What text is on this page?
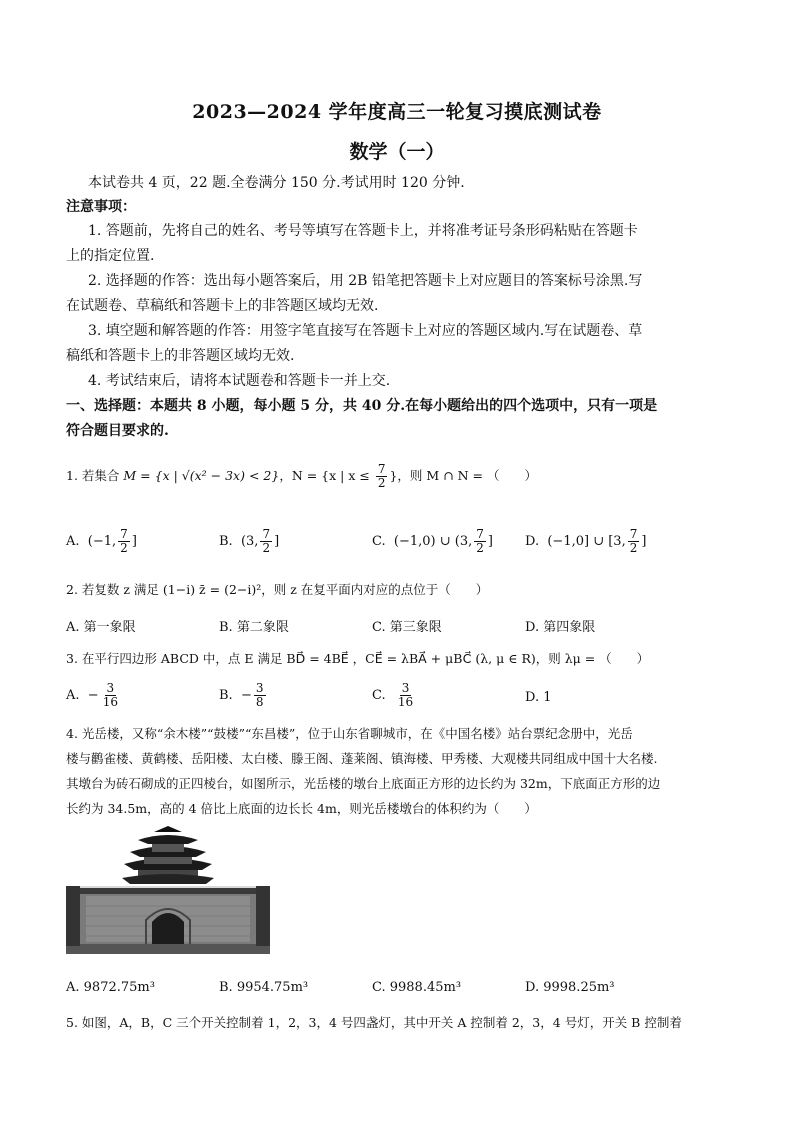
2023—2024 学年度高三一轮复习摸底测试卷
数学（一）
本试卷共 4 页，22 题.全卷满分 150 分.考试用时 120 分钟.
注意事项：
1. 答题前，先将自己的姓名、考号等填写在答题卡上，并将准考证号条形码粘贴在答题卡
上的指定位置.
2. 选择题的作答：选出每小题答案后，用 2B 铅笔把答题卡上对应题目的答案标号涂黑.写
在试题卷、草稿纸和答题卡上的非答题区域均无效.
3. 填空题和解答题的作答：用签字笔直接写在答题卡上对应的答题区域内.写在试题卷、草
稿纸和答题卡上的非答题区域均无效.
4. 考试结束后，请将本试题卷和答题卡一并上交.
一、选择题：本题共 8 小题，每小题 5 分，共 40 分.在每小题给出的四个选项中，只有一项是
符合题目要求的.
1. 若集合 M = {x | √(x² − 3x) < 2}，N = {x | $x \le \frac{7}{2}$ }，则 M ∩ N = （　　）
A. (−1, $\frac{7}{2}$ ]	B. (3, $\frac{7}{2}$ ]	C. (−1,0) ∪ (3, $\frac{7}{2}$ ] D. (−1,0] ∪ [3, $\frac{7}{2}$ ]
2. 若复数 z 满足 (1−i) z̄ = (2−i)²，则 z 在复平面内对应的点位于（　　）
A. 第一象限	B. 第二象限	C. 第三象限	D. 第四象限
3. 在平行四边形 ABCD 中，点 E 满足 BD⃗ = 4BE⃗ ，CE⃗ = λBA⃗ + μBC⃗ (λ, μ ∈ R)，则 λμ = （　　）
A. − $\frac{3}{16}$	B. − $\frac{3}{8}$	C. $\frac{3}{16}$	D. 1
4. 光岳楼，又称“余木楼”“鼓楼”“东昌楼”，位于山东省聊城市，在《中国名楼》站台票纪念册中，光岳
楼与鹳雀楼、黄鹤楼、岳阳楼、太白楼、滕王阁、蓬莱阁、镇海楼、甲秀楼、大观楼共同组成中国十大名楼.
其墩台为砖石砌成的正四棱台，如图所示，光岳楼的墩台上底面正方形的边长约为 32m，下底面正方形的边
长约为 34.5m，高的 4 倍比上底面的边长长 4m，则光岳楼墩台的体积约为（　　）
A. 9872.75m³	B. 9954.75m³	C. 9988.45m³	D. 9998.25m³
5. 如图，A，B，C 三个开关控制着 1，2，3，4 号四盏灯，其中开关 A 控制着 2，3，4 号灯，开关 B 控制着
